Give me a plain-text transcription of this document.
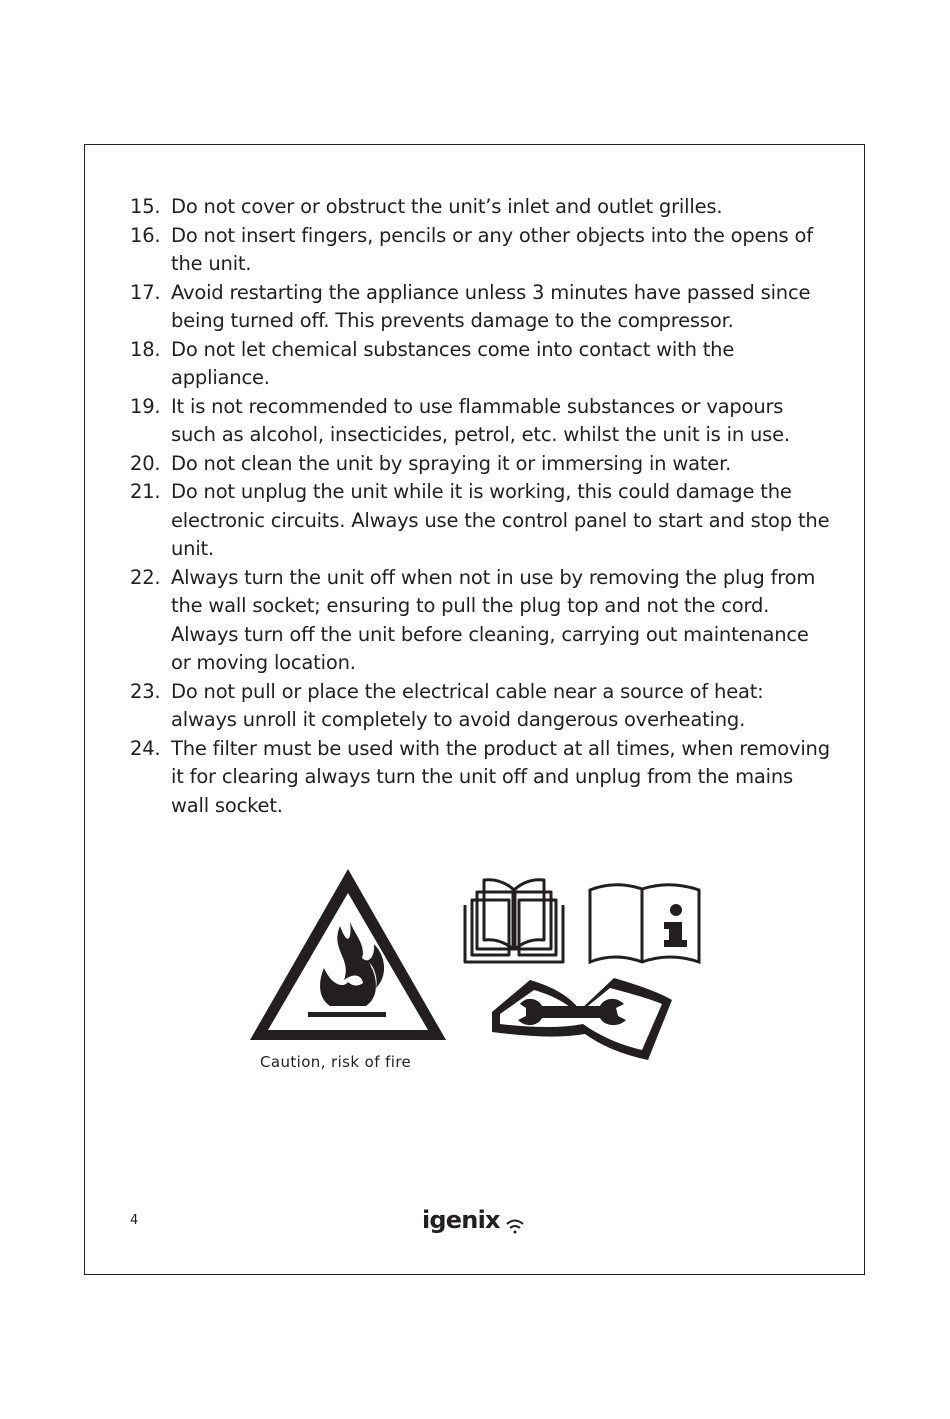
15. Do not cover or obstruct the unit’s inlet and outlet grilles.
16. Do not insert fingers, pencils or any other objects into the opens of the unit.
17. Avoid restarting the appliance unless 3 minutes have passed since being turned off. This prevents damage to the compressor.
18. Do not let chemical substances come into contact with the appliance.
19. It is not recommended to use flammable substances or vapours such as alcohol, insecticides, petrol, etc. whilst the unit is in use.
20. Do not clean the unit by spraying it or immersing in water.
21. Do not unplug the unit while it is working, this could damage the electronic circuits. Always use the control panel to start and stop the unit.
22. Always turn the unit off when not in use by removing the plug from the wall socket; ensuring to pull the plug top and not the cord. Always turn off the unit before cleaning, carrying out maintenance or moving location.
23. Do not pull or place the electrical cable near a source of heat: always unroll it completely to avoid dangerous overheating.
24. The filter must be used with the product at all times, when removing it for clearing always turn the unit off and unplug from the mains wall socket.
Caution, risk of fire
4	igenix
